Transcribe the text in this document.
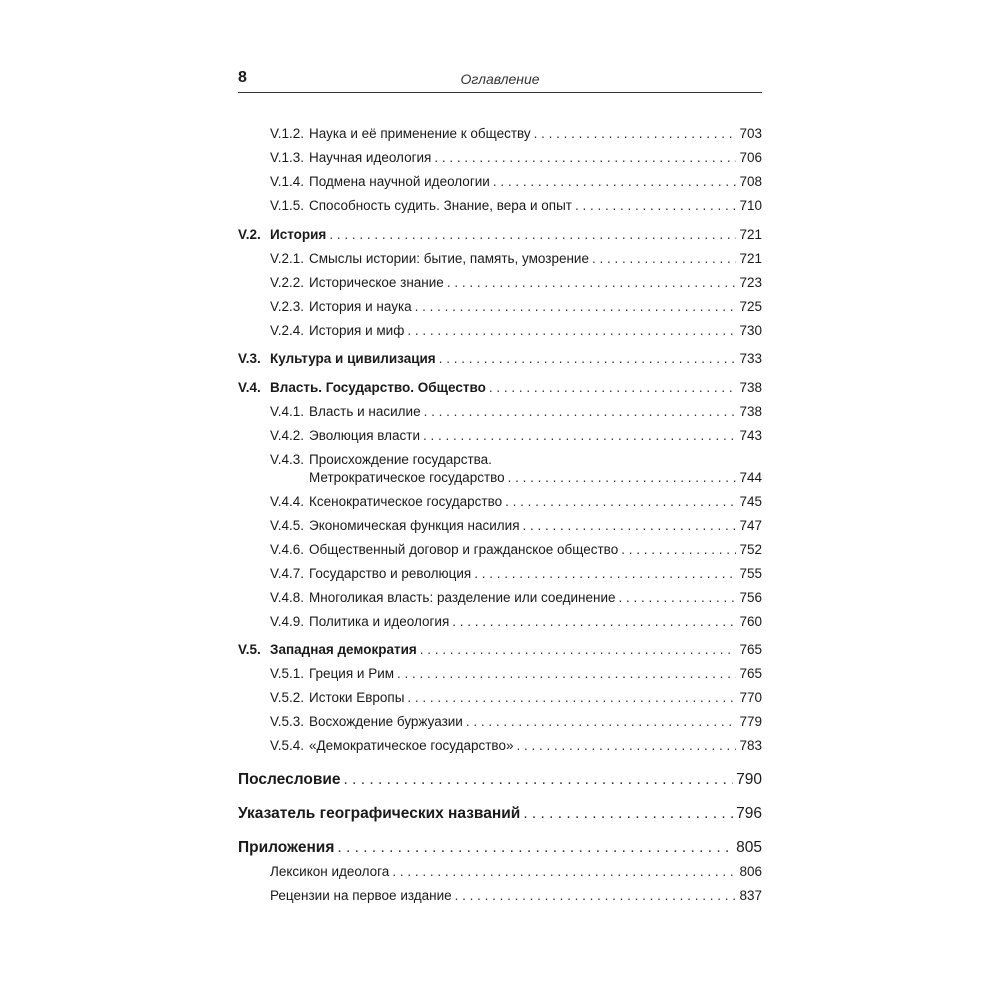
8	Оглавление
V.1.2. Наука и её применение к обществу . . .	703
V.1.3. Научная идеология . . .	706
V.1.4. Подмена научной идеологии . . .	708
V.1.5. Способность судить. Знание, вера и опыт . . .	710
V.2. История . . .	721
V.2.1. Смыслы истории: бытие, память, умозрение . . .	721
V.2.2. Историческое знание . . .	723
V.2.3. История и наука . . .	725
V.2.4. История и миф . . .	730
V.3. Культура и цивилизация . . .	733
V.4. Власть. Государство. Общество . . .	738
V.4.1. Власть и насилие . . .	738
V.4.2. Эволюция власти . . .	743
V.4.3. Происхождение государства.
Метрократическое государство . . .	744
V.4.4. Ксенократическое государство . . .	745
V.4.5. Экономическая функция насилия . . .	747
V.4.6. Общественный договор и гражданское общество . . .	752
V.4.7. Государство и революция . . .	755
V.4.8. Многоликая власть: разделение или соединение . . .	756
V.4.9. Политика и идеология . . .	760
V.5. Западная демократия . . .	765
V.5.1. Греция и Рим . . .	765
V.5.2. Истоки Европы . . .	770
V.5.3. Восхождение буржуазии . . .	779
V.5.4. «Демократическое государство» . . .	783
Послесловие . . .	790
Указатель географических названий . . .	796
Приложения . . .	805
Лексикон идеолога . . .	806
Рецензии на первое издание . . .	837
